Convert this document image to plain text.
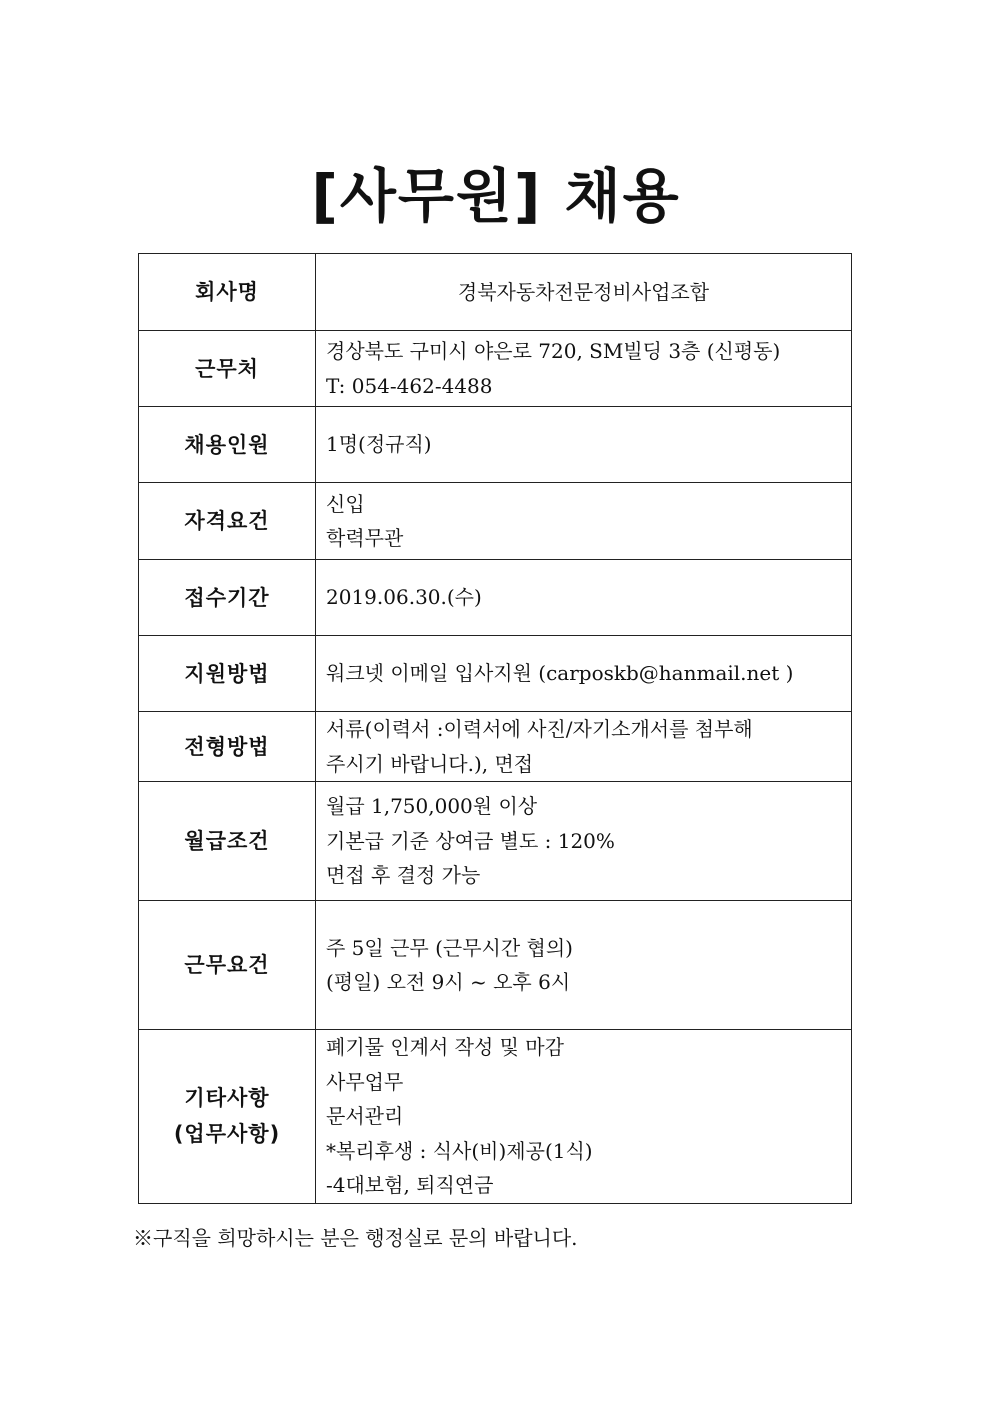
[사무원] 채용
회사명	경북자동차전문정비사업조합

근무처	경상북도 구미시 야은로 720, SM빌딩 3층 (신평동)
T: 054-462-4488

채용인원	1명(정규직)

자격요건	신입
학력무관

접수기간	2019.06.30.(수)

지원방법	워크넷 이메일 입사지원 (carposkb@hanmail.net )

전형방법	서류(이력서 :이력서에 사진/자기소개서를 첨부해
주시기 바랍니다.), 면접

월급조건	월급 1,750,000원 이상
기본급 기준 상여금 별도 : 120%
면접 후 결정 가능

근무요건	주 5일 근무 (근무시간 협의)
(평일) 오전 9시 ~ 오후 6시

기타사항
(업무사항)	폐기물 인계서 작성 및 마감
사무업무
문서관리
*복리후생 : 식사(비)제공(1식)
-4대보험, 퇴직연금
※구직을 희망하시는 분은 행정실로 문의 바랍니다.
